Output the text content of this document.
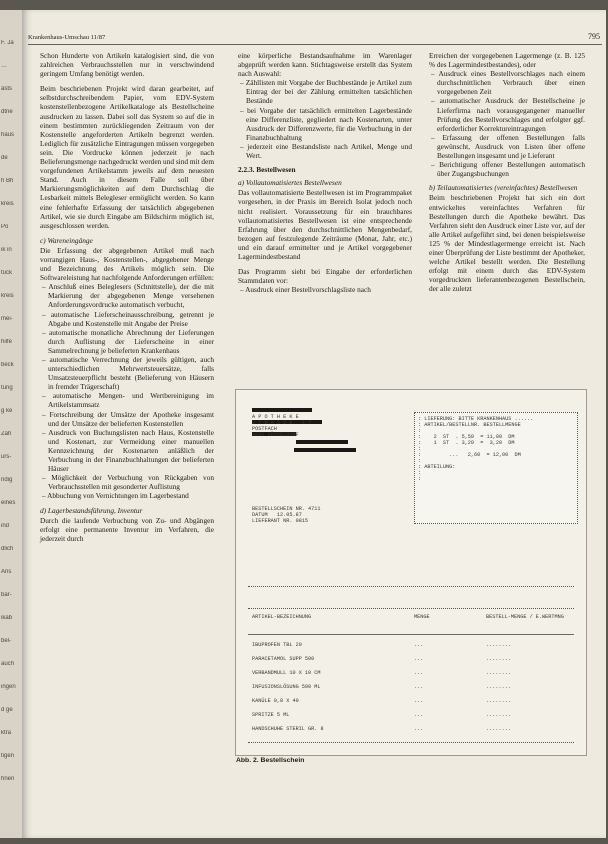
F. Ja
…
ästs
dtne
haus
de
h Bh
kreis
Po
ik in
tück
kreis
mei-
hilfe
beck
tung
g ke
Zah
urs-
ndig
eines
ind
dlich
Ans
bar-
ikab
bel-
auch
ingen
d ge
ktra
tigen
hnen
Krankenhaus-Umschau 11/87	795

Schon Hunderte von Artikeln katalogisiert sind, die von zahlreichen Verbrauchsstellen nur in verschwindend geringem Umfang benötigt werden.

Beim beschriebenen Projekt wird daran gearbeitet, auf selbstdurchschreibendem Papier, vom EDV-System kostenstellenbezogene Artikelkataloge als Bestellscheine ausdrucken zu lassen. Dabei soll das System so auf die in einem bestimmten zurückliegenden Zeitraum von der Kostenstelle angeforderten Artikeln begrenzt werden. Lediglich für zusätzliche Eintragungen müssen vorgegeben sein. Die Vordrucke können jederzeit je nach Belieferungsmenge nachgedruckt werden und sind mit dem vorgefundenen Artikelstamm jeweils auf dem neuesten Stand. Auch in diesem Falle soll über Markierungsmöglichkeiten auf dem Durchschlag die Lesbarkeit mittels Belegleser ermöglicht werden. So kann eine fehlerhafte Erfassung der tatsächlich abgegebenen Artikel, wie sie durch Eingabe am Bildschirm möglich ist, ausgeschlossen werden.

c) Wareneingänge

Die Erfassung der abgegebenen Artikel muß nach vorrangigen Haus-, Kostenstellen-, abgegebener Menge und Bezeichnung des Artikels möglich sein. Die Softwareleistung hat nachfolgende Anforderungen erfüllen:

– Anschluß eines Beleglesers (Schnittstelle), der die mit Markierung der abgegebenen Menge versehenen Anforderungsvordrucke automatisch verbucht,
– automatische Lieferscheinausschreibung, getrennt je Abgabe und Kostenstelle mit Angabe der Preise
– automatische monatliche Abrechnung der Lieferungen durch Auflistung der Lieferscheine in einer Sammelrechnung je belieferten Krankenhaus
– automatische Verrechnung der jeweils gültigen, auch unterschiedlichen Mehrwertsteuersätze, falls Umsatzsteuerpflicht besteht (Belieferung von Häusern in fremder Trägerschaft)
– automatische Mengen- und Wertbereinigung im Artikelstammsatz
– Fortschreibung der Umsätze der Apotheke insgesamt und der Umsätze der belieferten Kostenstellen
– Ausdruck von Buchungslisten nach Haus, Kostenstelle und Kostenart, zur Vermeidung einer manuellen Kennzeichnung der Kostenarten anläßlich der Verbuchung in der Finanzbuchhaltungen der belieferten Häuser
– Möglichkeit der Verbuchung von Rückgaben von Verbrauchsstellen mit gesonderter Auflistung
– Abbuchung von Vernichtungen im Lagerbestand

d) Lagerbestandsführung, Inventur

Durch die laufende Verbuchung von Zu- und Abgängen erfolgt eine permanente Inventur im Verfahren, die jederzeit durch

eine körperliche Bestandsaufnahme im Warenlager abgeprüft werden kann. Stichtagsweise erstellt das System nach Auswahl:

– Zähllisten mit Vorgabe der Buchbestände je Artikel zum Eintrag der bei der Zählung ermittelten tatsächlichen Bestände
– bei Vorgabe der tatsächlich ermittelten Lagerbestände eine Differenzliste, gegliedert nach Kostenarten, unter Ausdruck der Differenzwerte, für die Verbuchung in der Finanzbuchhaltung
– jederzeit eine Bestandsliste nach Artikel, Menge und Wert.

2.2.3. Bestellwesen

a) Vollautomatisiertes Bestellwesen

Das vollautomatisierte Bestellwesen ist im Programmpaket vorgesehen, in der Praxis im Bereich Isolat jedoch noch nicht realisiert. Voraussetzung für ein brauchbares vollautomatisiertes Bestellwesen ist eine entsprechende Erfahrung über den durchschnittlichen Mengenbedarf, bezogen auf festzulegende Zeiträume (Monat, Jahr, etc.) und ein darauf ermittelter und je Artikel vorgegebener Lagermindestbestand

Das Programm sieht bei Eingabe der erforderlichen Stammdaten vor:

– Ausdruck einer Bestellvorschlagsliste nach

Erreichen der vorgegebenen Lagermenge (z. B. 125 % des Lagermindestbestandes), oder

– Ausdruck eines Bestellvorschlages nach einem durchschnittlichen Verbrauch über einen vorgegebenen Zeit
– automatischer Ausdruck der Bestellscheine je Lieferfirma nach vorausgegangener manueller Prüfung des Bestellvorschlages und erfolgter ggf. erforderlicher Korrektureintragungen
– Erfassung der offenen Bestellungen falls gewünscht, Ausdruck von Listen über offene Bestellungen insgesamt und je Lieferant
– Berichtigung offener Bestellungen automatisch über Zugangsbuchungen

b) Teilautomatisiertes (vereinfachtes) Bestellwesen

Beim beschriebenen Projekt hat sich ein dort entwickeltes vereinfachtes Verfahren für Bestellungen durch die Apotheke bewährt. Das Verfahren sieht den Ausdruck einer Liste vor, auf der alle Artikel aufgeführt sind, bei denen beispielsweise 125 % der Mindestlagermenge erreicht ist. Nach einer Überprüfung der Liste bestimmt der Apotheker, welche Artikel bestellt werden. Die Bestellung erfolgt mit einem durch das EDV-System vorgedruckten lieferantenbezogenen Bestellschein, der alle zuletzt

A P O T H E K E
S T R A S S E   1 7
POSTFACH
4000 DÜSSELDORF
BESTELLSCHEIN NR. 4711
DATUM   12.05.87
LIEFERANT NR. 0815
: LIEFERUNG: BITTE KRANKENHAUS ......
: ARTIKEL/BESTELLNR. BESTELLMENGE
:
:    2  ST  . 5,50  = 11,00  DM
:    1  ST  . 3,20  =  3,20  DM
:
:         ...   2,60  = 12,00  DM
:
: ABTEILUNG:
:
:
ARTIKEL-BEZEICHNUNG	MENGE	BESTELL-MENGE / E.WERTMNG
IBUPROFEN TBL 20	...	........
PARACETAMOL SUPP 500	...	........
VERBANDMULL 10 X 10 CM	...	........
INFUSIONSLÖSUNG 500 ML	...	........
KANÜLE 0,8 X 40	...	........
SPRITZE 5 ML	...	........
HANDSCHUHE STERIL GR. 8	...	........
Abb. 2. Bestellschein
